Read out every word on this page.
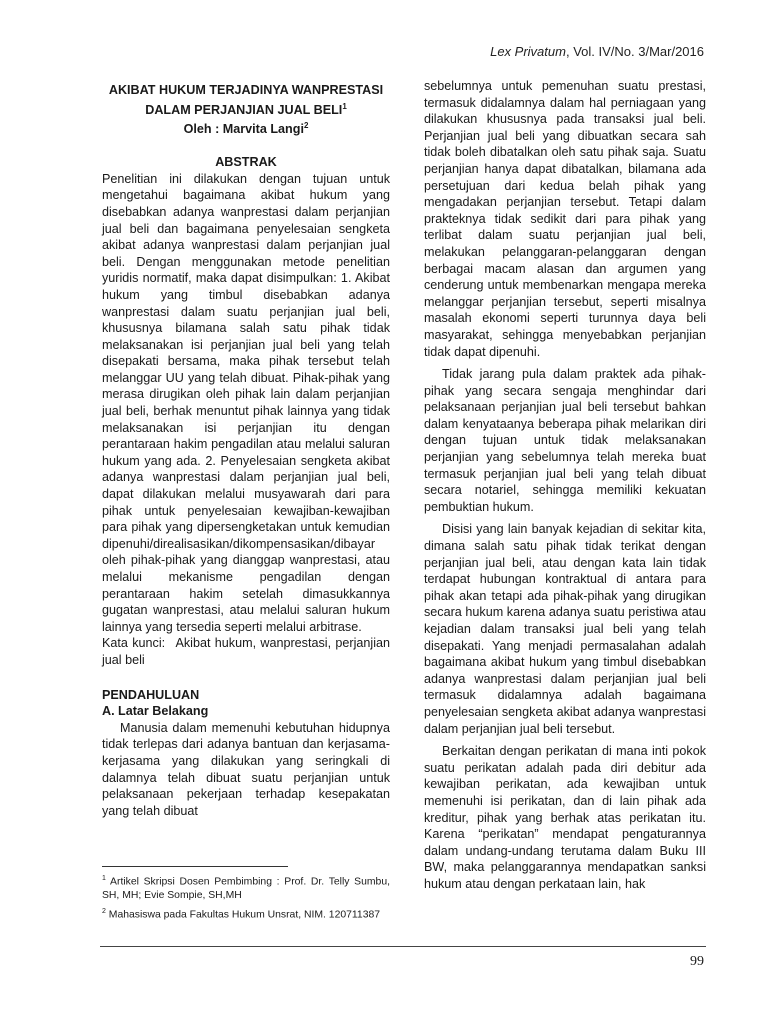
Lex Privatum, Vol. IV/No. 3/Mar/2016

AKIBAT HUKUM TERJADINYA WANPRESTASI
DALAM PERJANJIAN JUAL BELI$^1$

Oleh : Marvita Langi$^2$

ABSTRAK

Penelitian ini dilakukan dengan tujuan untuk mengetahui bagaimana akibat hukum yang disebabkan adanya wanprestasi dalam perjanjian jual beli dan bagaimana penyelesaian sengketa akibat adanya wanprestasi dalam perjanjian jual beli. Dengan menggunakan metode penelitian yuridis normatif, maka dapat disimpulkan: 1. Akibat hukum yang timbul disebabkan adanya wanprestasi dalam suatu perjanjian jual beli, khususnya bilamana salah satu pihak tidak melaksanakan isi perjanjian jual beli yang telah disepakati bersama, maka pihak tersebut telah melanggar UU yang telah dibuat. Pihak-pihak yang merasa dirugikan oleh pihak lain dalam perjanjian jual beli, berhak menuntut pihak lainnya yang tidak melaksanakan isi perjanjian itu dengan perantaraan hakim pengadilan atau melalui saluran hukum yang ada. 2. Penyelesaian sengketa akibat adanya wanprestasi dalam perjanjian jual beli, dapat dilakukan melalui musyawarah dari para pihak untuk penyelesaian kewajiban-kewajiban para pihak yang dipersengketakan untuk kemudian dipenuhi/direalisasikan/dikompensasikan/dibayar oleh pihak-pihak yang dianggap wanprestasi, atau melalui mekanisme pengadilan dengan perantaraan hakim setelah dimasukkannya gugatan wanprestasi, atau melalui saluran hukum lainnya yang tersedia seperti melalui arbitrase.

Kata kunci: Akibat hukum, wanprestasi, perjanjian jual beli

PENDAHULUAN

A. Latar Belakang

Manusia dalam memenuhi kebutuhan hidupnya tidak terlepas dari adanya bantuan dan kerjasama-kerjasama yang dilakukan yang seringkali di dalamnya telah dibuat suatu perjanjian untuk pelaksanaan pekerjaan terhadap kesepakatan yang telah dibuat

$^1$ Artikel Skripsi Dosen Pembimbing : Prof. Dr. Telly Sumbu, SH, MH; Evie Sompie, SH,MH

$^2$ Mahasiswa pada Fakultas Hukum Unsrat, NIM. 120711387

sebelumnya untuk pemenuhan suatu prestasi, termasuk didalamnya dalam hal perniagaan yang dilakukan khususnya pada transaksi jual beli. Perjanjian jual beli yang dibuatkan secara sah tidak boleh dibatalkan oleh satu pihak saja. Suatu perjanjian hanya dapat dibatalkan, bilamana ada persetujuan dari kedua belah pihak yang mengadakan perjanjian tersebut. Tetapi dalam prakteknya tidak sedikit dari para pihak yang terlibat dalam suatu perjanjian jual beli, melakukan pelanggaran-pelanggaran dengan berbagai macam alasan dan argumen yang cenderung untuk membenarkan mengapa mereka melanggar perjanjian tersebut, seperti misalnya masalah ekonomi seperti turunnya daya beli masyarakat, sehingga menyebabkan perjanjian tidak dapat dipenuhi.

Tidak jarang pula dalam praktek ada pihak-pihak yang secara sengaja menghindar dari pelaksanaan perjanjian jual beli tersebut bahkan dalam kenyataanya beberapa pihak melarikan diri dengan tujuan untuk tidak melaksanakan perjanjian yang sebelumnya telah mereka buat termasuk perjanjian jual beli yang telah dibuat secara notariel, sehingga memiliki kekuatan pembuktian hukum.

Disisi yang lain banyak kejadian di sekitar kita, dimana salah satu pihak tidak terikat dengan perjanjian jual beli, atau dengan kata lain tidak terdapat hubungan kontraktual di antara para pihak akan tetapi ada pihak-pihak yang dirugikan secara hukum karena adanya suatu peristiwa atau kejadian dalam transaksi jual beli yang telah disepakati. Yang menjadi permasalahan adalah bagaimana akibat hukum yang timbul disebabkan adanya wanprestasi dalam perjanjian jual beli termasuk didalamnya adalah bagaimana penyelesaian sengketa akibat adanya wanprestasi dalam perjanjian jual beli tersebut.

Berkaitan dengan perikatan di mana inti pokok suatu perikatan adalah pada diri debitur ada kewajiban perikatan, ada kewajiban untuk memenuhi isi perikatan, dan di lain pihak ada kreditur, pihak yang berhak atas perikatan itu. Karena “perikatan” mendapat pengaturannya dalam undang-undang terutama dalam Buku III BW, maka pelanggarannya mendapatkan sanksi hukum atau dengan perkataan lain, hak

99
